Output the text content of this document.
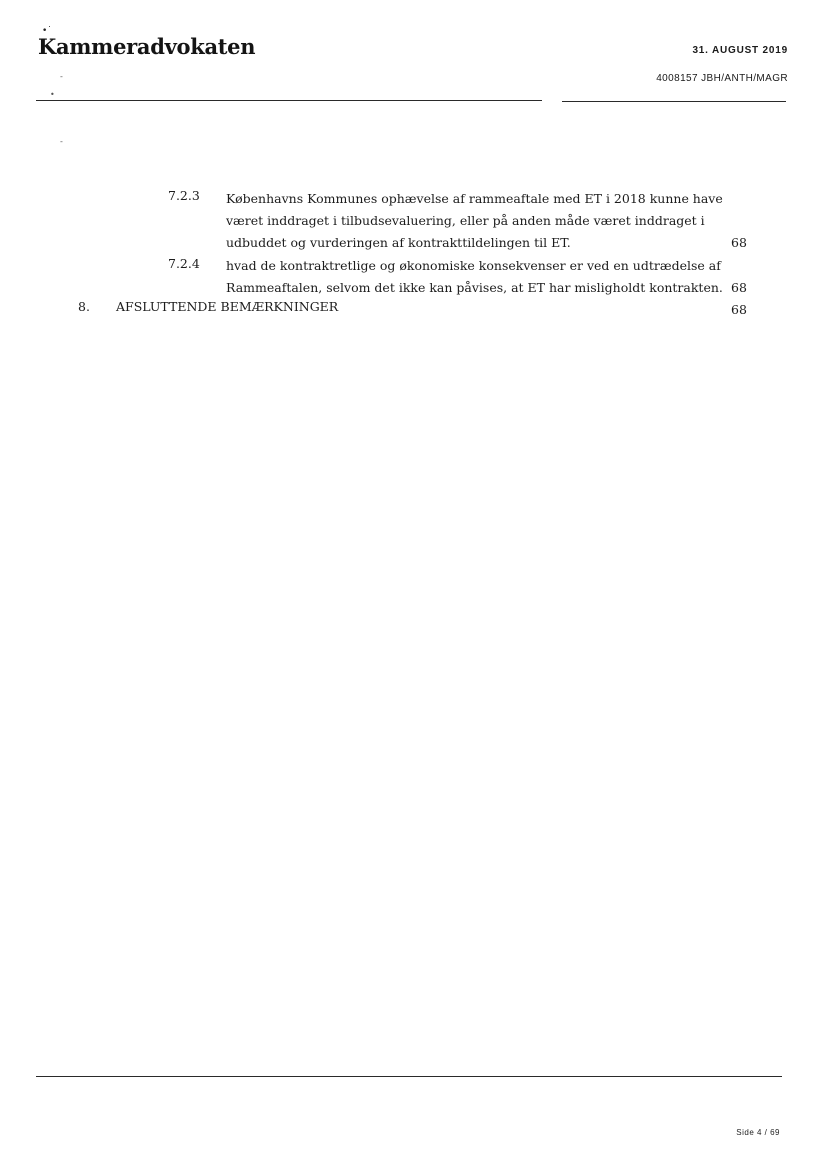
•˙
Kammeradvokaten	31. AUGUST 2019
4008157 JBH/ANTH/MAGR
-
•
-
7.2.3 Københavns Kommunes ophævelse af rammeaftale med ET i 2018 kunne have
været inddraget i tilbudsevaluering, eller på anden måde været inddraget i
udbuddet og vurderingen af kontrakttildelingen til ET.	68
7.2.4 hvad de kontraktretlige og økonomiske konsekvenser er ved en udtrædelse af
Rammeaftalen, selvom det ikke kan påvises, at ET har misligholdt kontrakten. 68
8. AFSLUTTENDE BEMÆRKNINGER	68
Side 4 / 69
